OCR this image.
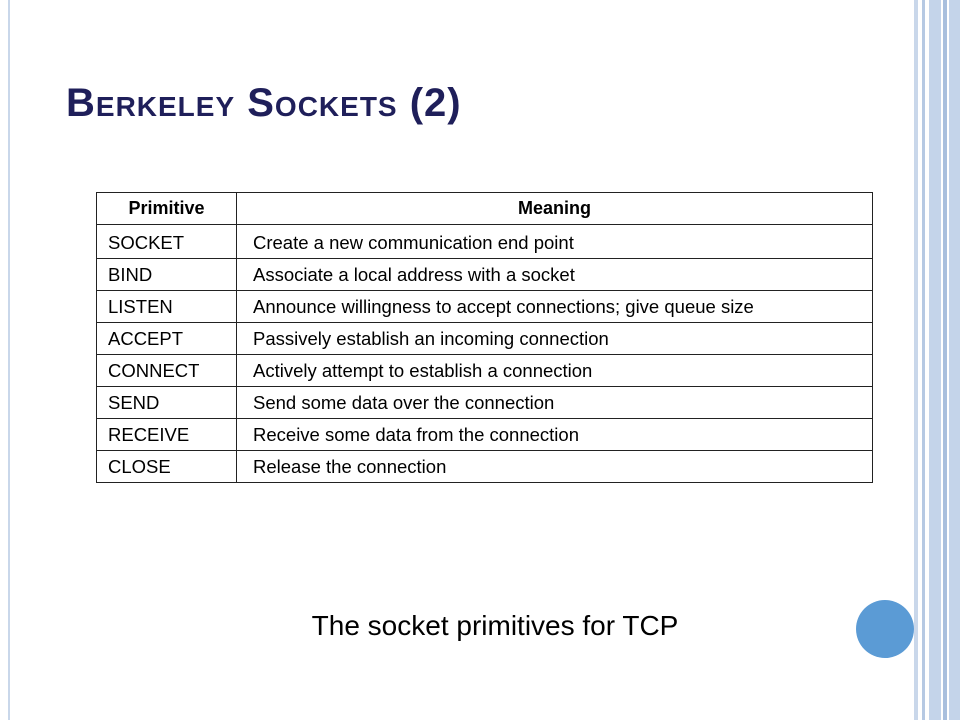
Berkeley Sockets (2)
Primitive	Meaning
SOCKET	Create a new communication end point
BIND	Associate a local address with a socket
LISTEN	Announce willingness to accept connections; give queue size
ACCEPT	Passively establish an incoming connection
CONNECT	Actively attempt to establish a connection
SEND	Send some data over the connection
RECEIVE	Receive some data from the connection
CLOSE	Release the connection
The socket primitives for TCP
